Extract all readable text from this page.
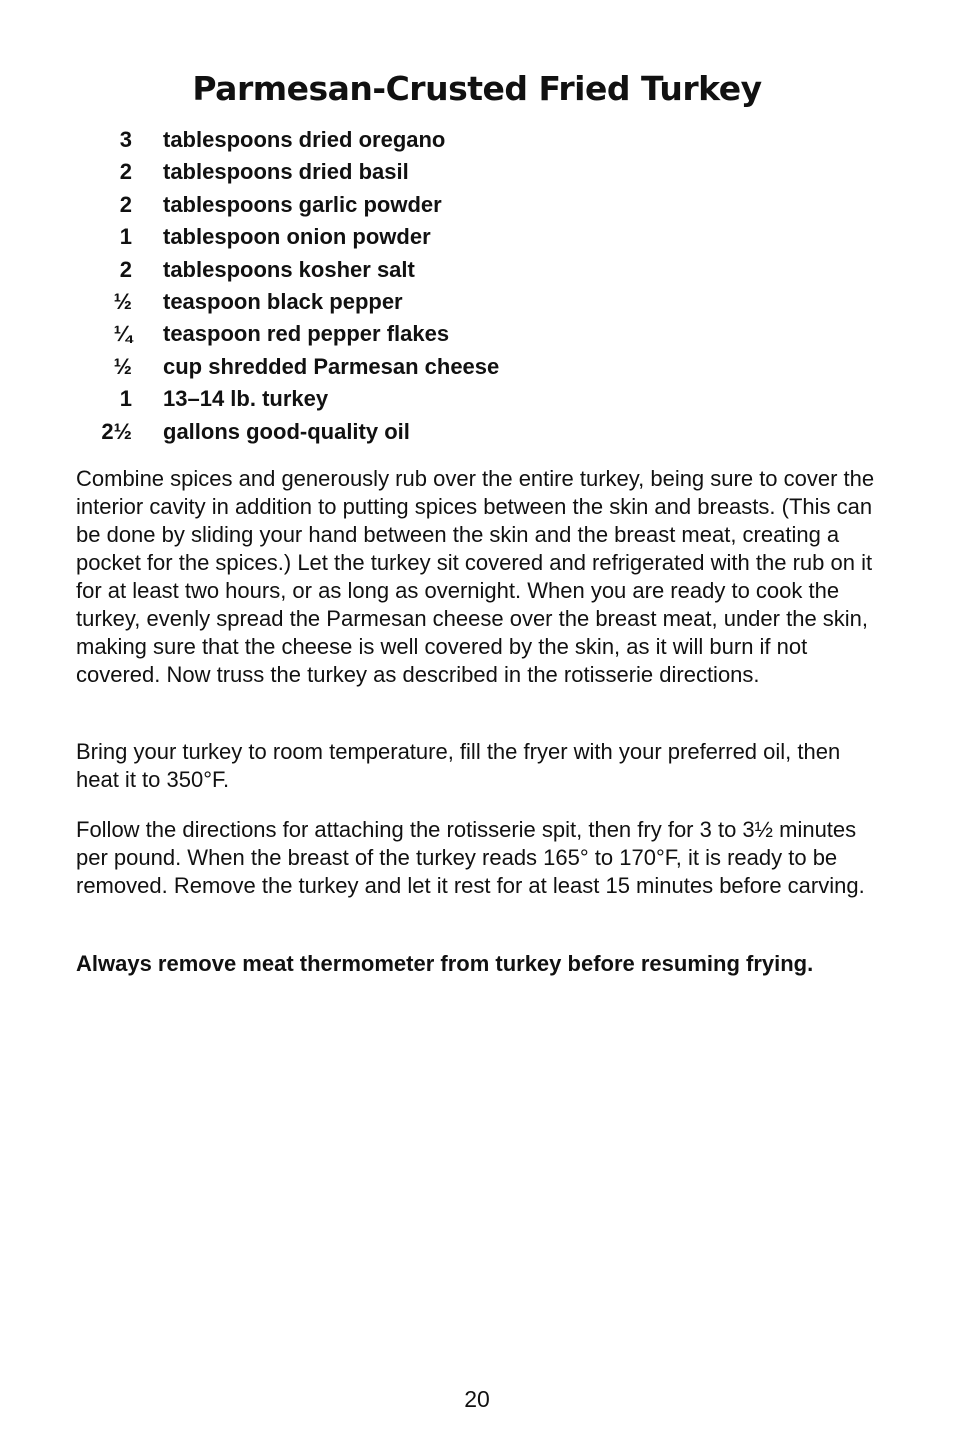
Parmesan-Crusted Fried Turkey
3 tablespoons dried oregano
2 tablespoons dried basil
2 tablespoons garlic powder
1 tablespoon onion powder
2 tablespoons kosher salt
½ teaspoon black pepper
¼ teaspoon red pepper flakes
½ cup shredded Parmesan cheese
1 13–14 lb. turkey
2½ gallons good-quality oil

Combine spices and generously rub over the entire turkey, being sure to cover the interior cavity in addition to putting spices between the skin and breasts. (This can be done by sliding your hand between the skin and the breast meat, creating a pocket for the spices.) Let the turkey sit covered and refrigerated with the rub on it for at least two hours, or as long as overnight. When you are ready to cook the turkey, evenly spread the Parmesan cheese over the breast meat, under the skin, making sure that the cheese is well covered by the skin, as it will burn if not covered. Now truss the turkey as described in the rotisserie directions.

Bring your turkey to room temperature, fill the fryer with your preferred oil, then heat it to 350°F.

Follow the directions for attaching the rotisserie spit, then fry for 3 to 3½ minutes per pound. When the breast of the turkey reads 165° to 170°F, it is ready to be removed. Remove the turkey and let it rest for at least 15 minutes before carving.

Always remove meat thermometer from turkey before resuming frying.

20
